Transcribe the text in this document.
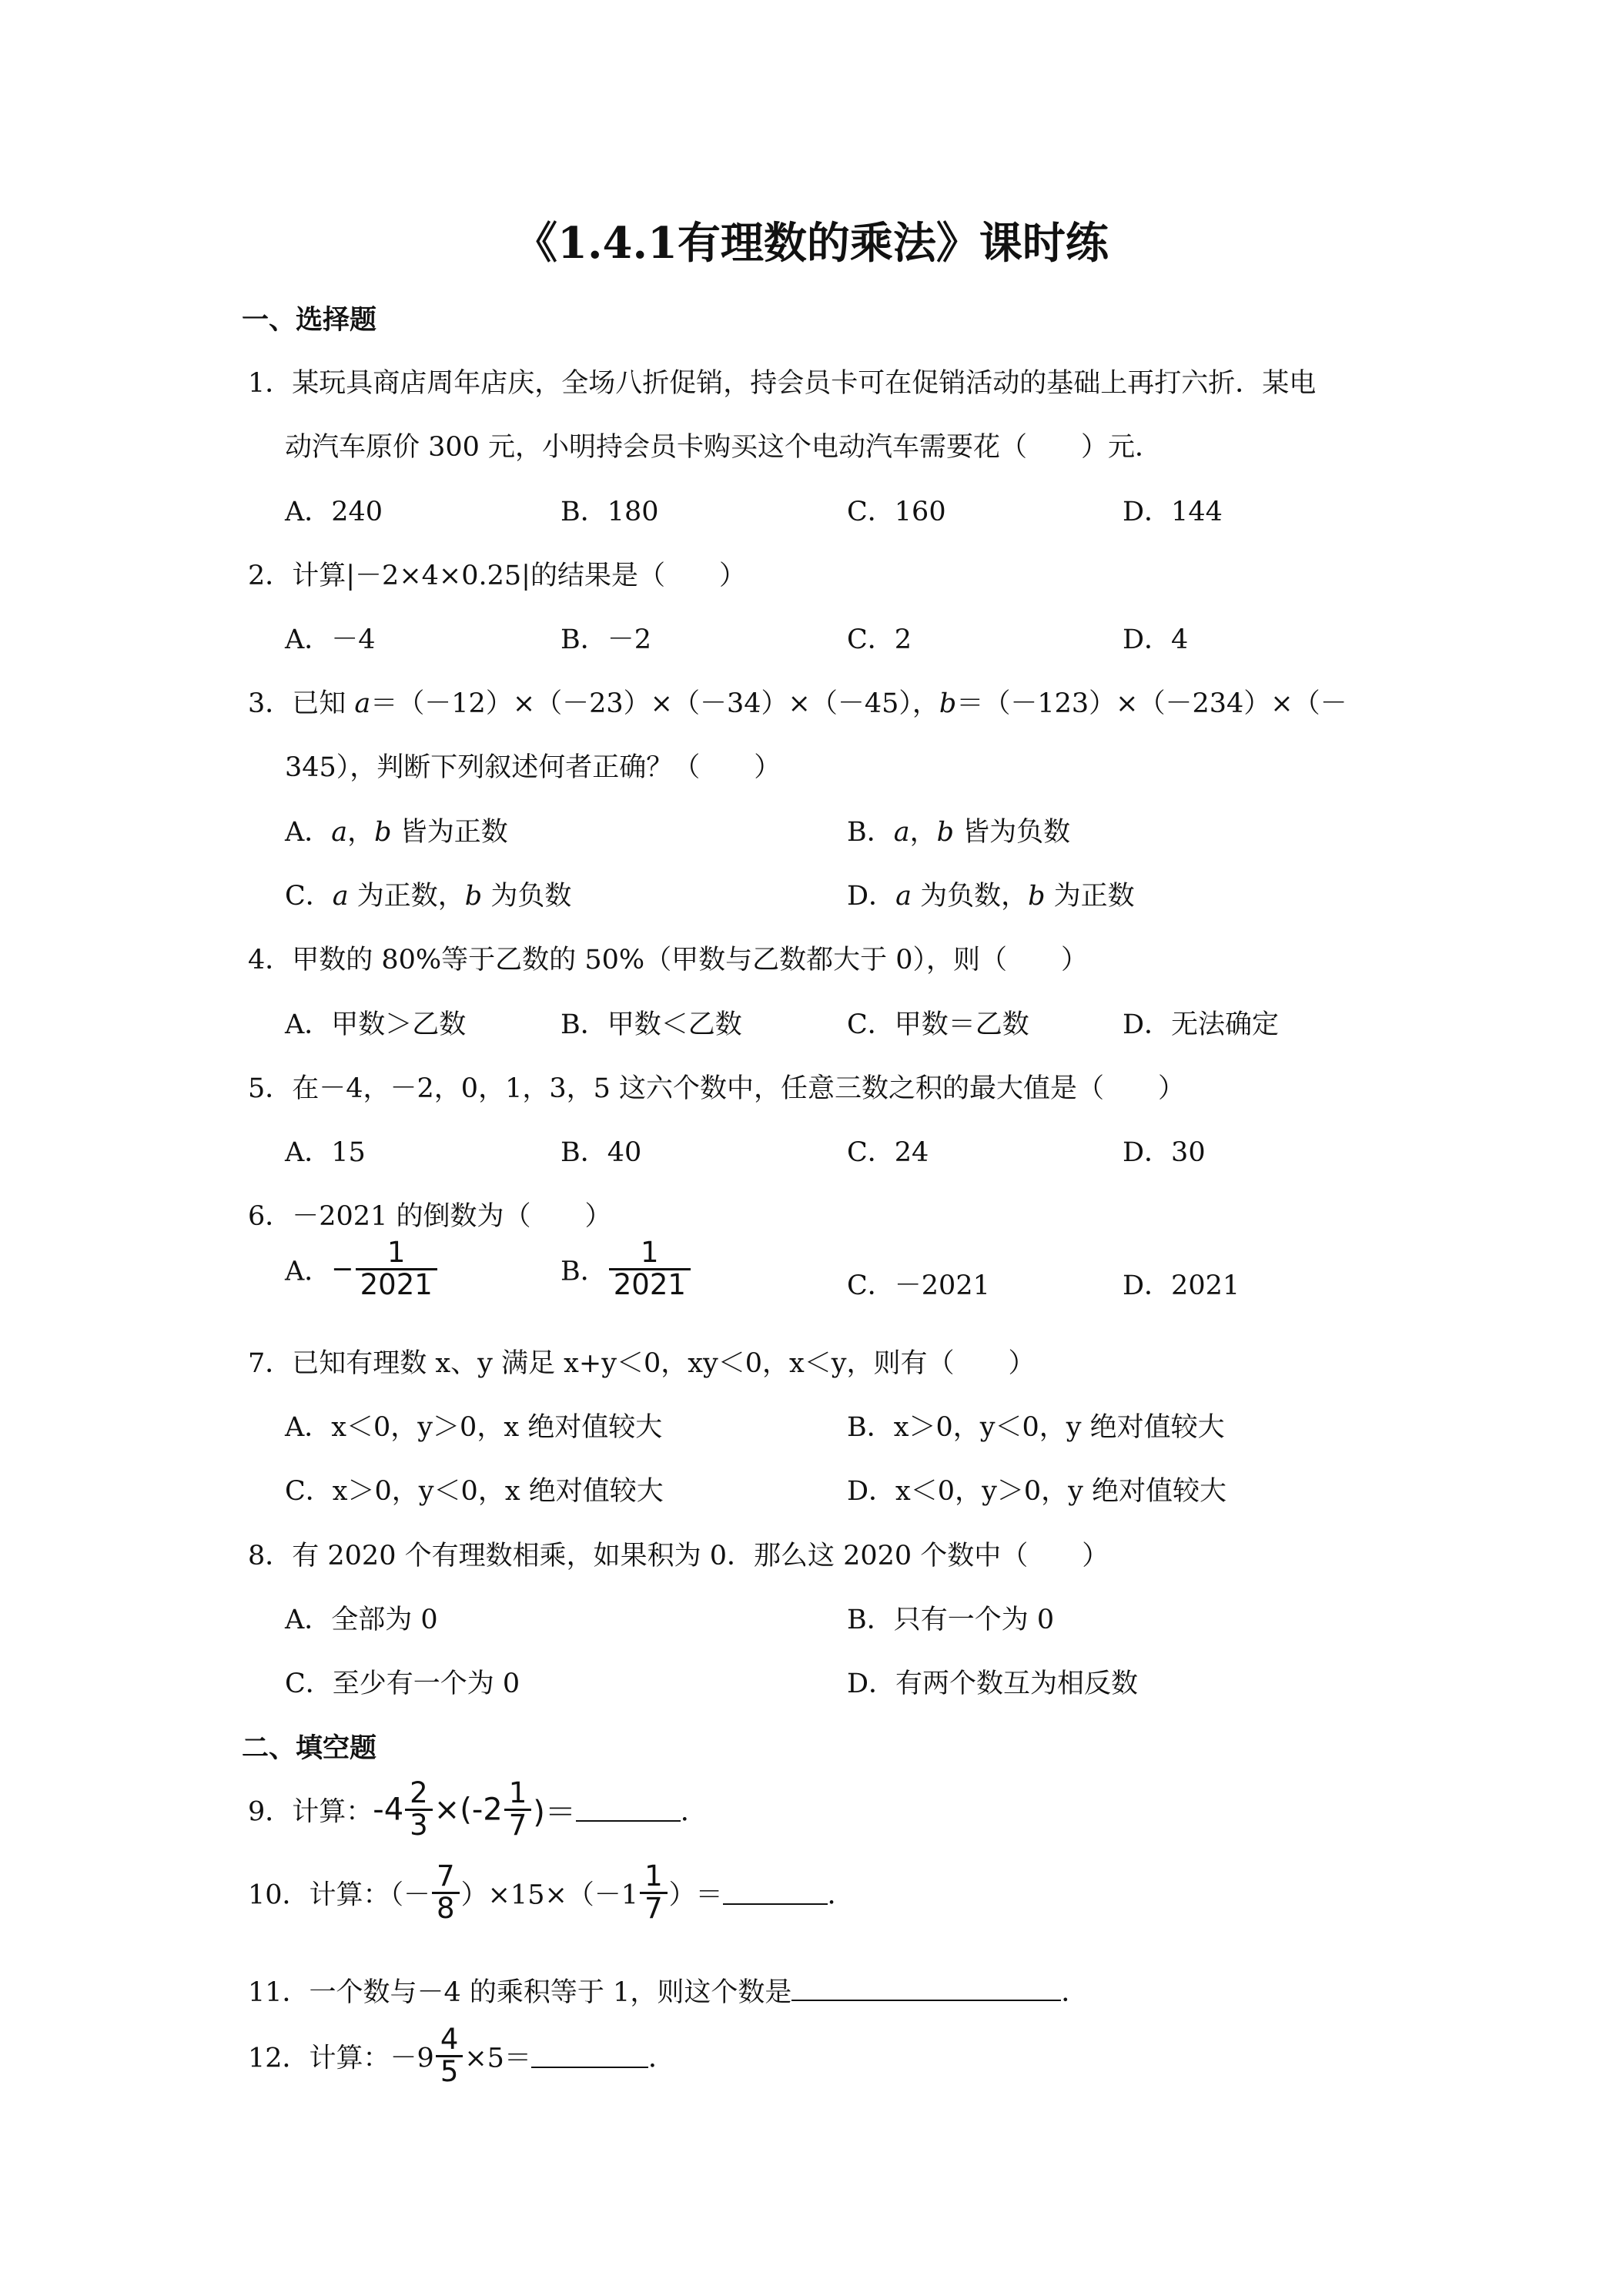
《1.4.1有理数的乘法》课时练
一、选择题
1．某玩具商店周年店庆，全场八折促销，持会员卡可在促销活动的基础上再打六折．某电
动汽车原价 300 元，小明持会员卡购买这个电动汽车需要花（　　）元．
A．240	B．180	C．160	D．144
2．计算|－2×4×0.25|的结果是（　　）
A．－4	B．－2	C．2	D．4
3．已知 a＝（－12）×（－23）×（－34）×（－45），b＝（－123）×（－234）×（－
345），判断下列叙述何者正确？（　　）
A．a，b 皆为正数	B．a，b 皆为负数
C．a 为正数，b 为负数	D．a 为负数，b 为正数
4．甲数的 80%等于乙数的 50%（甲数与乙数都大于 0），则（　　）
A．甲数＞乙数	B．甲数＜乙数	C．甲数＝乙数	D．无法确定
5．在－4，－2，0，1，3，5 这六个数中，任意三数之积的最大值是（　　）
A．15	B．40	C．24	D．30
6．－2021 的倒数为（　　）
A．− $\frac{1}{2021}$	B． $\frac{1}{2021}$	C．－2021	D．2021
7．已知有理数 x、y 满足 x+y＜0，xy＜0，x＜y，则有（　　）
A．x＜0，y＞0，x 绝对值较大	B．x＞0，y＜0，y 绝对值较大
C．x＞0，y＜0，x 绝对值较大	D．x＜0，y＞0，y 绝对值较大
8．有 2020 个有理数相乘，如果积为 0．那么这 2020 个数中（　　）
A．全部为 0	B．只有一个为 0
C．至少有一个为 0	D．有两个数互为相反数
二、填空题
9．计算：$-4 \frac{2}{3} \times(-2 \frac{1}{7}$ )＝	．
10．计算：（－ $\frac{7}{8} )\times 15\times(-1 \frac{1}{7}$ ）＝	．
11．一个数与－4 的乘积等于 1，则这个数是	．
12．计算：$-9 \frac{4}{5} \times 5=$	．
